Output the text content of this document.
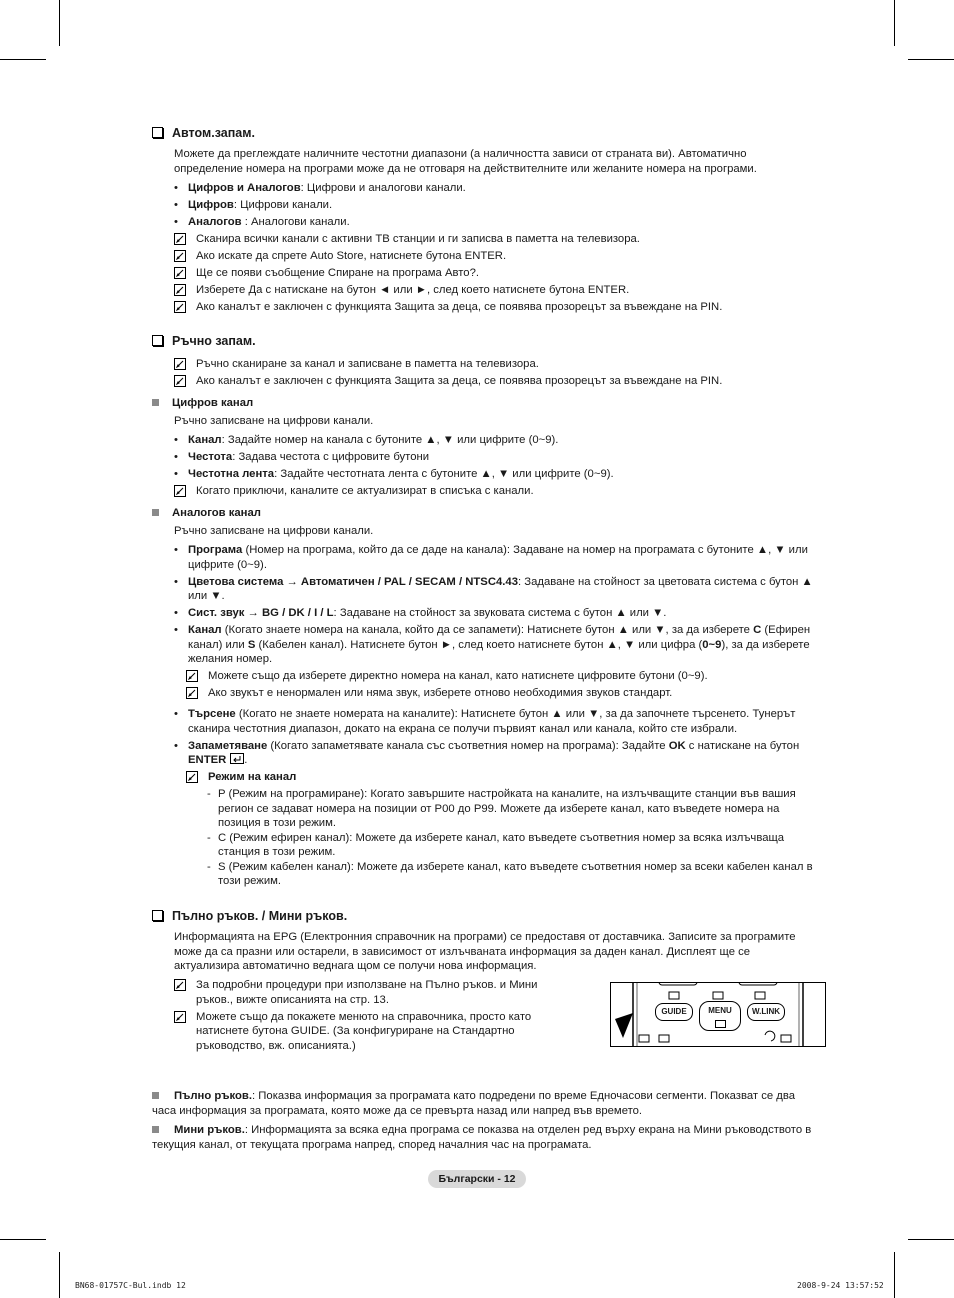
Автом.запам.
Можете да преглеждате наличните честотни диапазони (а наличността зависи от страната ви). Автоматично определение номера на програми може да не отговаря на действителните или желаните номера на програми.
• Цифров и Аналогов: Цифрови и аналогови канали.
• Цифров: Цифрови канали.
• Аналогов : Аналогови канали.
Сканира всички канали с активни ТВ станции и ги записва в паметта на телевизора.
Ако искате да спрете Auto Store, натиснете бутона ENTER.
Ще се появи съобщение Спиране на програма Авто?.
Изберете Да с натискане на бутон ◄ или ►, след което натиснете бутона ENTER.
Ако каналът е заключен с функцията Защита за деца, се появява прозорецът за въвеждане на PIN.
Ръчно запам.
Ръчно сканиране за канал и записване в паметта на телевизора.
Ако каналът е заключен с функцията Защита за деца, се появява прозорецът за въвеждане на PIN.
Цифров канал
Ръчно записване на цифрови канали.
• Канал: Задайте номер на канала с бутоните ▲, ▼ или цифрите (0~9).
• Честота: Задава честота с цифровите бутони
• Честотна лента: Задайте честотната лента с бутоните ▲, ▼ или цифрите (0~9).
Когато приключи, каналите се актуализират в списъка с канали.
Аналогов канал
Ръчно записване на цифрови канали.
• Програма (Номер на програма, който да се даде на канала): Задаване на номер на програмата с бутоните ▲, ▼ или цифрите (0~9).
• Цветова система → Автоматичен / PAL / SECAM / NTSC4.43: Задаване на стойност за цветовата система с бутон ▲ или ▼.
• Сист. звук → BG / DK / I / L: Задаване на стойност за звуковата система с бутон ▲ или ▼.
• Канал (Когато знаете номера на канала, който да се запамети): Натиснете бутон ▲ или ▼, за да изберете C (Ефирен канал) или S (Кабелен канал). Натиснете бутон ►, след което натиснете бутон ▲, ▼ или цифра (0~9), за да изберете желания номер.
Можете също да изберете директно номера на канал, като натиснете цифровите бутони (0~9).
Ако звукът е ненормален или няма звук, изберете отново необходимия звуков стандарт.
• Търсене (Когато не знаете номерата на каналите): Натиснете бутон ▲ или ▼, за да започнете търсенето. Тунерът сканира честотния диапазон, докато на екрана се получи първият канал или канала, който сте избрали.
• Запаметяване (Когато запаметявате канала със съответния номер на програма): Задайте OK с натискане на бутон ENTER .
Режим на канал
- P (Режим на програмиране): Когато завършите настройката на каналите, на излъчващите станции във вашия регион се задават номера на позиции от P00 до P99. Можете да изберете канал, като въведете номера на позиция в този режим.
- C (Режим ефирен канал): Можете да изберете канал, като въведете съответния номер за всяка излъчваща станция в този режим.
- S (Режим кабелен канал): Можете да изберете канал, като въведете съответния номер за всеки кабелен канал в този режим.
Пълно ръков. / Мини ръков.
Информацията на EPG (Електронния справочник на програми) се предоставя от доставчика. Записите за програмите може да са празни или остарели, в зависимост от излъчваната информация за даден канал. Дисплеят ще се актуализира автоматично веднага щом се получи нова информация.
За подробни процедури при използване на Пълно ръков. и Мини ръков., вижте описанията на стр. 13.
Можете също да покажете менюто на справочника, просто като натиснете бутона GUIDE. (За конфигуриране на Стандартно ръководство, вж. описанията.)
GUIDE	MENU	W.LINK
Пълно ръков.: Показва информация за програмата като подредени по време Едночасови сегменти. Показват се два часа информация за програмата, която може да се превърта назад или напред във времето.
Мини ръков.: Информацията за всяка една програма се показва на отделен ред върху екрана на Мини ръководството в текущия канал, от текущата програма напред, според началния час на програмата.
Български - 12
BN68-01757C-Bul.indb 12	2008-9-24 13:57:52
